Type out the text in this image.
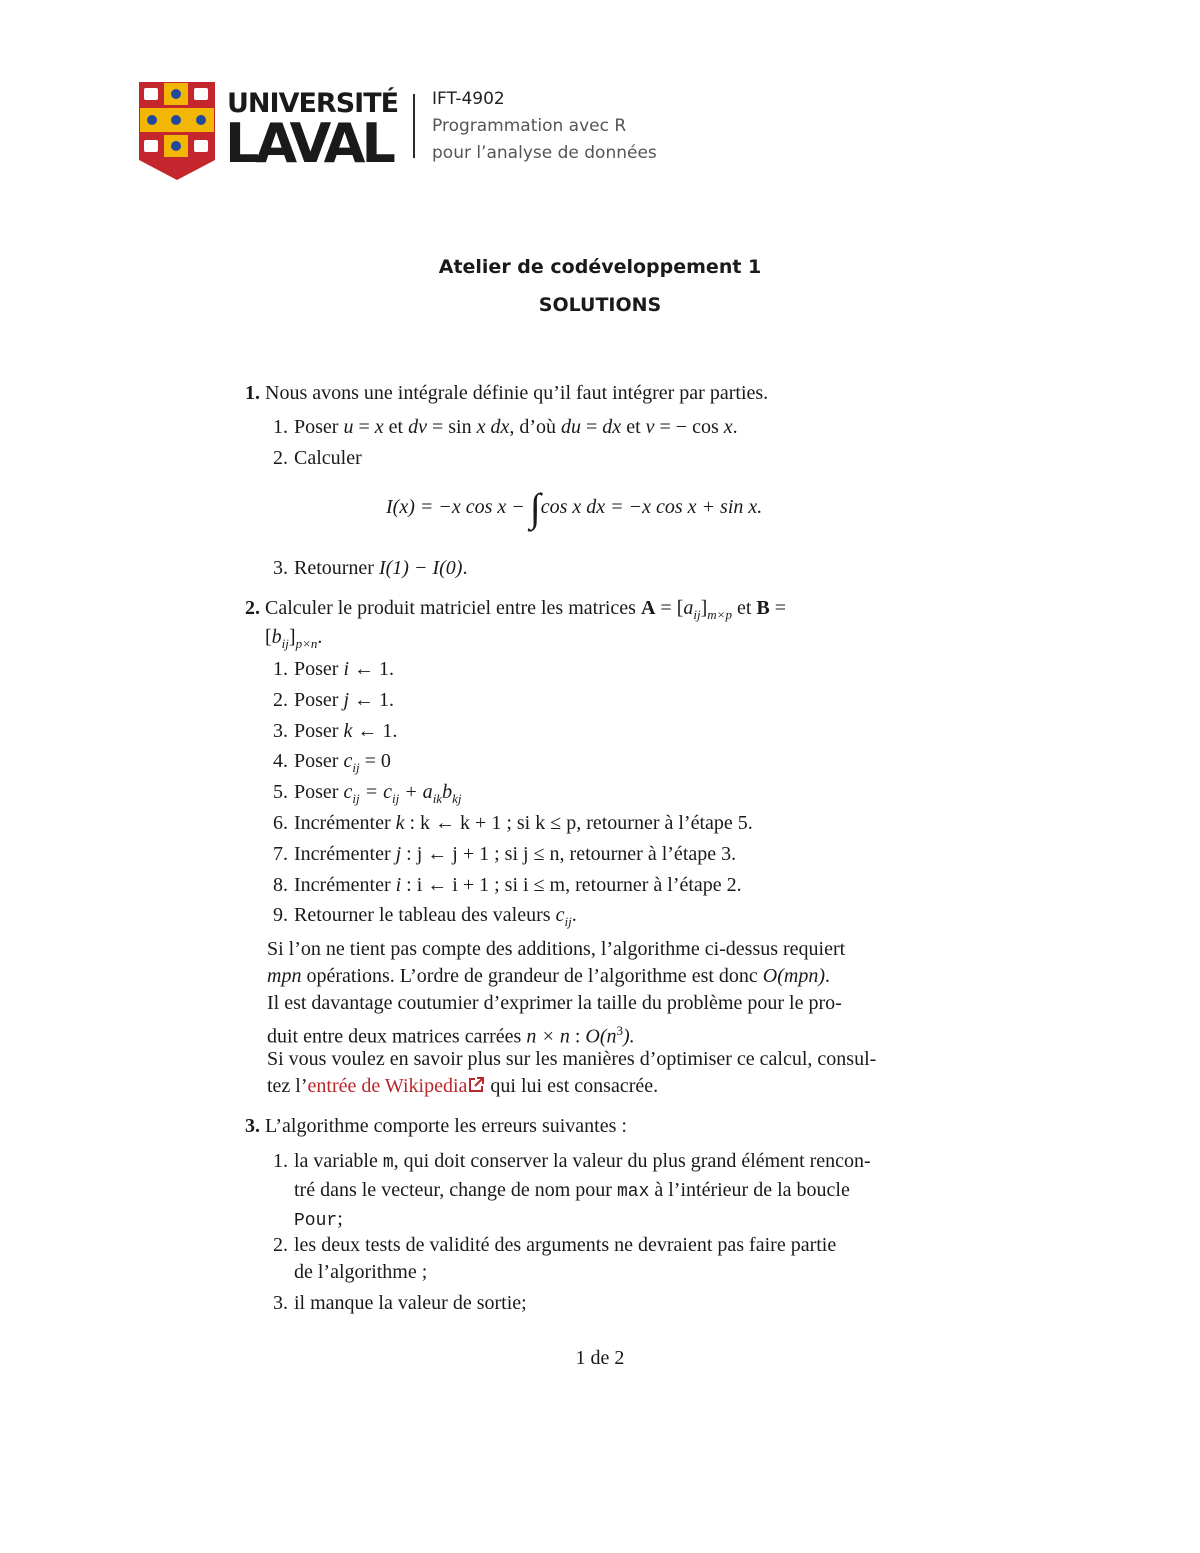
UNIVERSITÉ
LAVAL
IFT-4902
Programmation avec R
pour l’analyse de données
Atelier de codéveloppement 1
SOLUTIONS
1. Nous avons une intégrale définie qu’il faut intégrer par parties.
1. Poser u = x et dv = sin x dx, d’où du = dx et v = − cos x.
2. Calculer
I(x) = −x cos x − ∫cos x dx = −x cos x + sin x.
3. Retourner I(1) − I(0).
2. Calculer le produit matriciel entre les matrices $A = [a_{ij}]_{m\times p}$ et B =
$[b_{ij}]_{p\times n}$.
1. Poser i ← 1.
2. Poser j ← 1.
3. Poser k ← 1.
4. Poser $c_{ij} = 0$
5. Poser $c_{ij} = c_{ij} + a_{ik}b_{kj}$
6. Incrémenter k : k ← k + 1 ; si k ≤ p, retourner à l’étape 5.
7. Incrémenter j : j ← j + 1 ; si j ≤ n, retourner à l’étape 3.
8. Incrémenter i : i ← i + 1 ; si i ≤ m, retourner à l’étape 2.
9. Retourner le tableau des valeurs $c_{ij}$.
Si l’on ne tient pas compte des additions, l’algorithme ci-dessus requiert
mpn opérations. L’ordre de grandeur de l’algorithme est donc O(mpn).
Il est davantage coutumier d’exprimer la taille du problème pour le pro-
duit entre deux matrices carrées n × n : $O(n^3)$.
Si vous voulez en savoir plus sur les manières d’optimiser ce calcul, consul-
tez l’entrée de Wikipedia qui lui est consacrée.
3. L’algorithme comporte les erreurs suivantes :
1. la variable m, qui doit conserver la valeur du plus grand élément rencon-
tré dans le vecteur, change de nom pour max à l’intérieur de la boucle
Pour;
2. les deux tests de validité des arguments ne devraient pas faire partie
de l’algorithme ;
3. il manque la valeur de sortie;
1 de 2
